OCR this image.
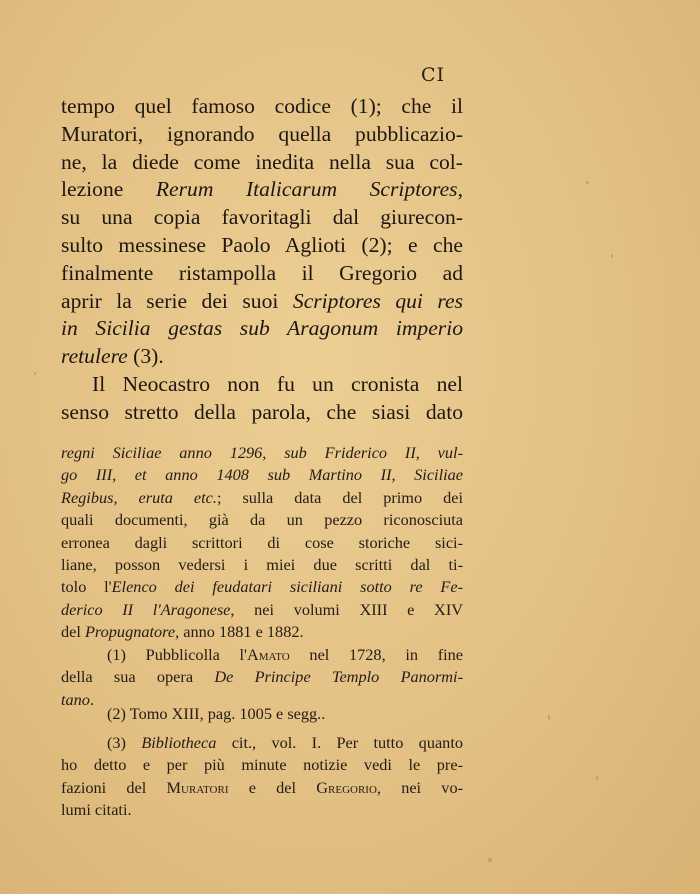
CI
tempo quel famoso codice (1); che il
Muratori, ignorando quella pubblicazio-
ne, la diede come inedita nella sua col-
lezione Rerum Italicarum Scriptores,
su una copia favoritagli dal giurecon-
sulto messinese Paolo Aglioti (2); e che
finalmente ristampolla il Gregorio ad
aprir la serie dei suoi Scriptores qui res
in Sicilia gestas sub Aragonum imperio
retulere (3).
Il Neocastro non fu un cronista nel
senso stretto della parola, che siasi dato
regni Siciliae anno 1296, sub Friderico II, vul-
go III, et anno 1408 sub Martino II, Siciliae
Regibus, eruta etc.; sulla data del primo dei
quali documenti, già da un pezzo riconosciuta
erronea dagli scrittori di cose storiche sici-
liane, posson vedersi i miei due scritti dal ti-
tolo l'Elenco dei feudatari siciliani sotto re Fe-
derico II l'Aragonese, nei volumi XIII e XIV
del Propugnatore, anno 1881 e 1882.
(1) Pubblicolla l'Amato nel 1728, in fine
della sua opera De Principe Templo Panormi-
tano.
(2) Tomo XIII, pag. 1005 e segg..
(3) Bibliotheca cit., vol. I. Per tutto quanto
ho detto e per più minute notizie vedi le pre-
fazioni del Muratori e del Gregorio, nei vo-
lumi citati.
